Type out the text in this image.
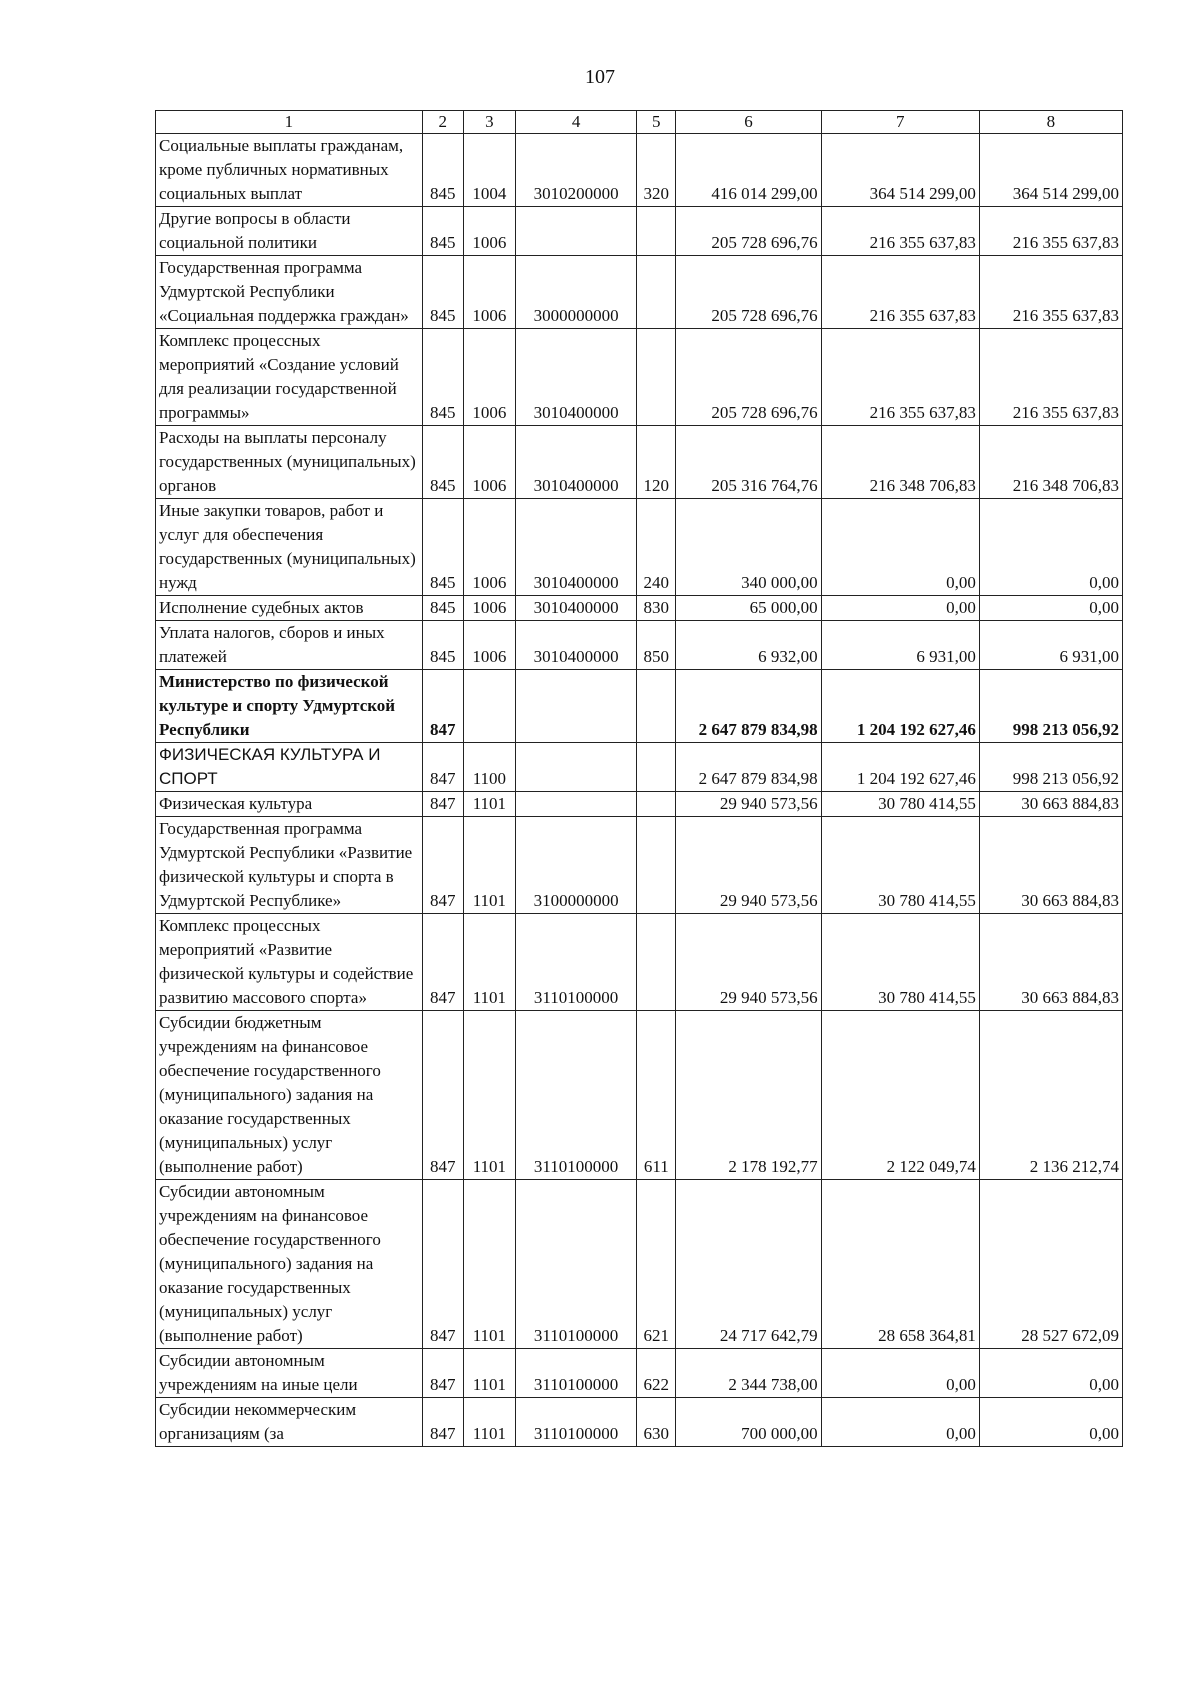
107
1	2	3	4	5	6	7	8
Социальные выплаты гражданам, кроме публичных нормативных социальных выплат	845	1004	3010200000	320	416 014 299,00	364 514 299,00	364 514 299,00
Другие вопросы в области социальной политики	845	1006			205 728 696,76	216 355 637,83	216 355 637,83
Государственная программа Удмуртской Республики «Социальная поддержка граждан»	845	1006	3000000000		205 728 696,76	216 355 637,83	216 355 637,83
Комплекс процессных мероприятий «Создание условий для реализации государственной программы»	845	1006	3010400000		205 728 696,76	216 355 637,83	216 355 637,83
Расходы на выплаты персоналу государственных (муниципальных) органов	845	1006	3010400000	120	205 316 764,76	216 348 706,83	216 348 706,83
Иные закупки товаров, работ и услуг для обеспечения государственных (муниципальных) нужд	845	1006	3010400000	240	340 000,00	0,00	0,00
Исполнение судебных актов	845	1006	3010400000	830	65 000,00	0,00	0,00
Уплата налогов, сборов и иных платежей	845	1006	3010400000	850	6 932,00	6 931,00	6 931,00
Министерство по физической культуре и спорту Удмуртской Республики	847				2 647 879 834,98	1 204 192 627,46	998 213 056,92
ФИЗИЧЕСКАЯ КУЛЬТУРА И СПОРТ	847	1100			2 647 879 834,98	1 204 192 627,46	998 213 056,92
Физическая культура	847	1101			29 940 573,56	30 780 414,55	30 663 884,83
Государственная программа Удмуртской Республики «Развитие физической культуры и спорта в Удмуртской Республике»	847	1101	3100000000		29 940 573,56	30 780 414,55	30 663 884,83
Комплекс процессных мероприятий «Развитие физической культуры и содействие развитию массового спорта»	847	1101	3110100000		29 940 573,56	30 780 414,55	30 663 884,83
Субсидии бюджетным учреждениям на финансовое обеспечение государственного (муниципального) задания на оказание государственных (муниципальных) услуг (выполнение работ)	847	1101	3110100000	611	2 178 192,77	2 122 049,74	2 136 212,74
Субсидии автономным учреждениям на финансовое обеспечение государственного (муниципального) задания на оказание государственных (муниципальных) услуг (выполнение работ)	847	1101	3110100000	621	24 717 642,79	28 658 364,81	28 527 672,09
Субсидии автономным учреждениям на иные цели	847	1101	3110100000	622	2 344 738,00	0,00	0,00
Субсидии некоммерческим организациям (за	847	1101	3110100000	630	700 000,00	0,00	0,00
